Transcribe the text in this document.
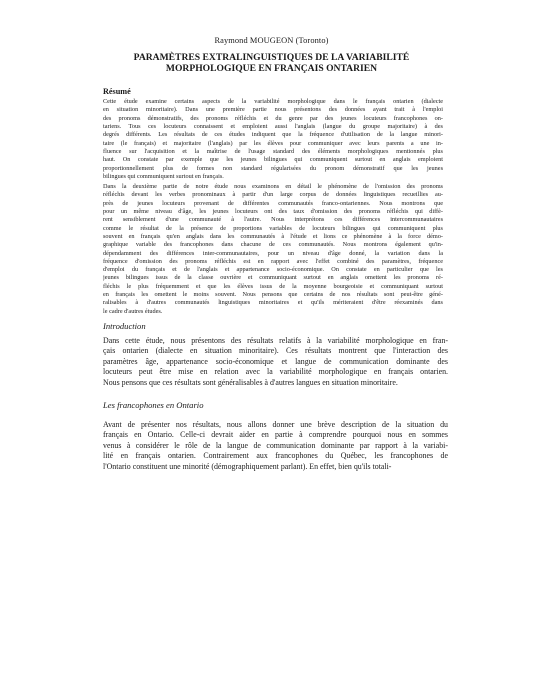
Raymond MOUGEON (Toronto)
PARAMÈTRES EXTRALINGUISTIQUES DE LA VARIABILITÉ
MORPHOLOGIQUE EN FRANÇAIS ONTARIEN
Résumé
Cette étude examine certains aspects de la variabilité morphologique dans le français ontarien (dialecte
en situation minoritaire). Dans une première partie nous présentons des données ayant trait à l'emploi
des pronoms démonstratifs, des pronoms réfléchis et du genre par des jeunes locuteurs francophones on-
tariens. Tous ces locuteurs connaissent et emploient aussi l'anglais (langue du groupe majoritaire) à des
degrés différents. Les résultats de ces études indiquent que la fréquence d'utilisation de la langue minori-
taire (le français) et majoritaire (l'anglais) par les élèves pour communiquer avec leurs parents a une in-
fluence sur l'acquisition et la maîtrise de l'usage standard des éléments morphologiques mentionnés plus
haut. On constate par exemple que les jeunes bilingues qui communiquent surtout en anglais emploient
proportionnellement plus de formes non standard régularisées du pronom démonstratif que les jeunes
bilingues qui communiquent surtout en français.
Dans la deuxième partie de notre étude nous examinons en détail le phénomène de l'omission des pronoms
réfléchis devant les verbes pronominaux à partir d'un large corpus de données linguistiques recueillies au-
près de jeunes locuteurs provenant de différentes communautés franco-ontariennes. Nous montrons que
pour un même niveau d'âge, les jeunes locuteurs ont des taux d'omission des pronoms réfléchis qui diffè-
rent sensiblement d'une communauté à l'autre. Nous interprétons ces différences intercommunautaires
comme le résultat de la présence de proportions variables de locuteurs bilingues qui communiquent plus
souvent en français qu'en anglais dans les communautés à l'étude et lions ce phénomène à la force démo-
graphique variable des francophones dans chacune de ces communautés. Nous montrons également qu'in-
dépendamment des différences inter-communautaires, pour un niveau d'âge donné, la variation dans la
fréquence d'omission des pronoms réfléchis est en rapport avec l'effet combiné des paramètres, fréquence
d'emploi du français et de l'anglais et appartenance socio-économique. On constate en particulier que les
jeunes bilingues issus de la classe ouvrière et communiquant surtout en anglais omettent les pronoms ré-
fléchis le plus fréquemment et que les élèves issus de la moyenne bourgeoisie et communiquant surtout
en français les omettent le moins souvent. Nous pensons que certains de nos résultats sont peut-être géné-
ralisables à d'autres communautés linguistiques minoritaires et qu'ils mériteraient d'être réexaminés dans
le cadre d'autres études.
Introduction
Dans cette étude, nous présentons des résultats relatifs à la variabilité morphologique en fran-
çais ontarien (dialecte en situation minoritaire). Ces résultats montrent que l'interaction des
paramètres âge, appartenance socio-économique et langue de communication dominante des
locuteurs peut être mise en relation avec la variabilité morphologique en français ontarien.
Nous pensons que ces résultats sont généralisables à d'autres langues en situation minoritaire.
Les francophones en Ontario
Avant de présenter nos résultats, nous allons donner une brève description de la situation du
français en Ontario. Celle-ci devrait aider en partie à comprendre pourquoi nous en sommes
venus à considérer le rôle de la langue de communication dominante par rapport à la variabi-
lité en français ontarien. Contrairement aux francophones du Québec, les francophones de
l'Ontario constituent une minorité (démographiquement parlant). En effet, bien qu'ils totali-
